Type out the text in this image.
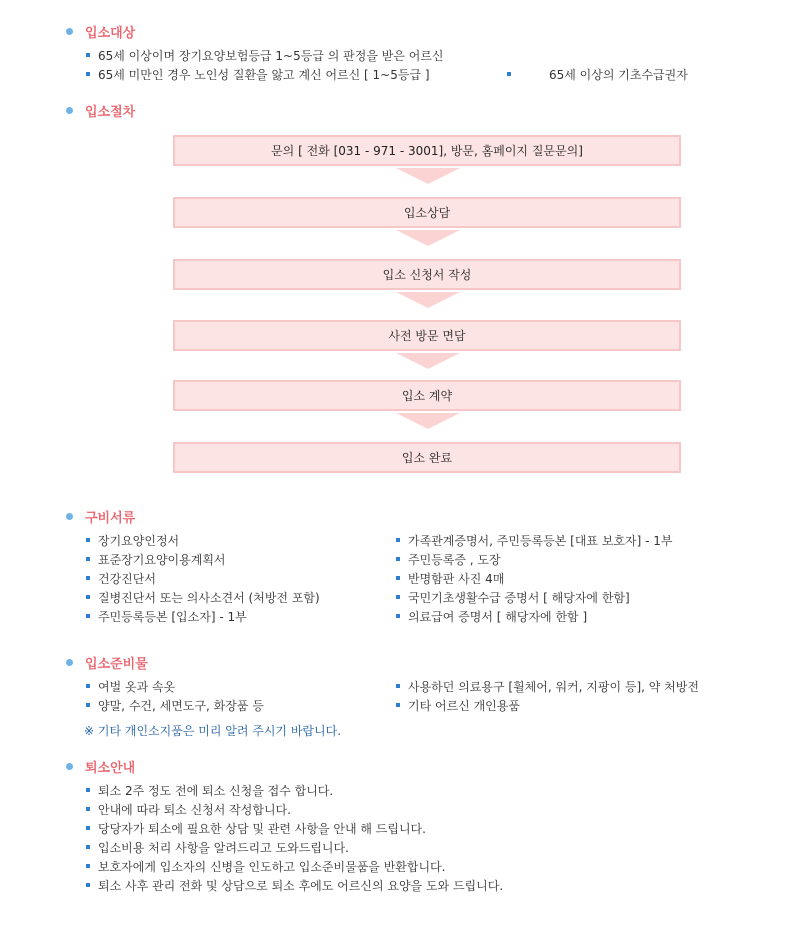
입소대상
65세 이상이며 장기요양보험등급 1~5등급 의 판정을 받은 어르신
65세 미만인 경우 노인성 질환을 앓고 계신 어르신 [ 1~5등급 ]	65세 이상의 기초수급권자
입소절차
문의 [ 전화 [031 - 971 - 3001], 방문, 홈페이지 질문문의]
입소상담
입소 신청서 작성
사전 방문 면담
입소 계약
입소 완료
구비서류
장기요양인정서
표준장기요양이용계획서
건강진단서
질병진단서 또는 의사소견서 (처방전 포함)
주민등록등본 [입소자] - 1부
가족관계증명서, 주민등록등본 [대표 보호자] - 1부
주민등록증 , 도장
반명함판 사진 4매
국민기초생활수급 증명서 [ 해당자에 한함]
의료급여 증명서 [ 해당자에 한함 ]
입소준비물
여벌 옷과 속옷
양말, 수건, 세면도구, 화장품 등
사용하던 의료용구 [휠체어, 워커, 지팡이 등], 약 처방전
기타 어르신 개인용품
※ 기타 개인소지품은 미리 알려 주시기 바랍니다.
퇴소안내
퇴소 2주 정도 전에 퇴소 신청을 접수 합니다.
안내에 따라 퇴소 신청서 작성합니다.
당당자가 퇴소에 필요한 상담 및 관련 사항을 안내 해 드립니다.
입소비용 처리 사항을 알려드리고 도와드립니다.
보호자에게 입소자의 신병을 인도하고 입소준비물품을 반환합니다.
퇴소 사후 관리 전화 및 상담으로 퇴소 후에도 어르신의 요양을 도와 드립니다.
